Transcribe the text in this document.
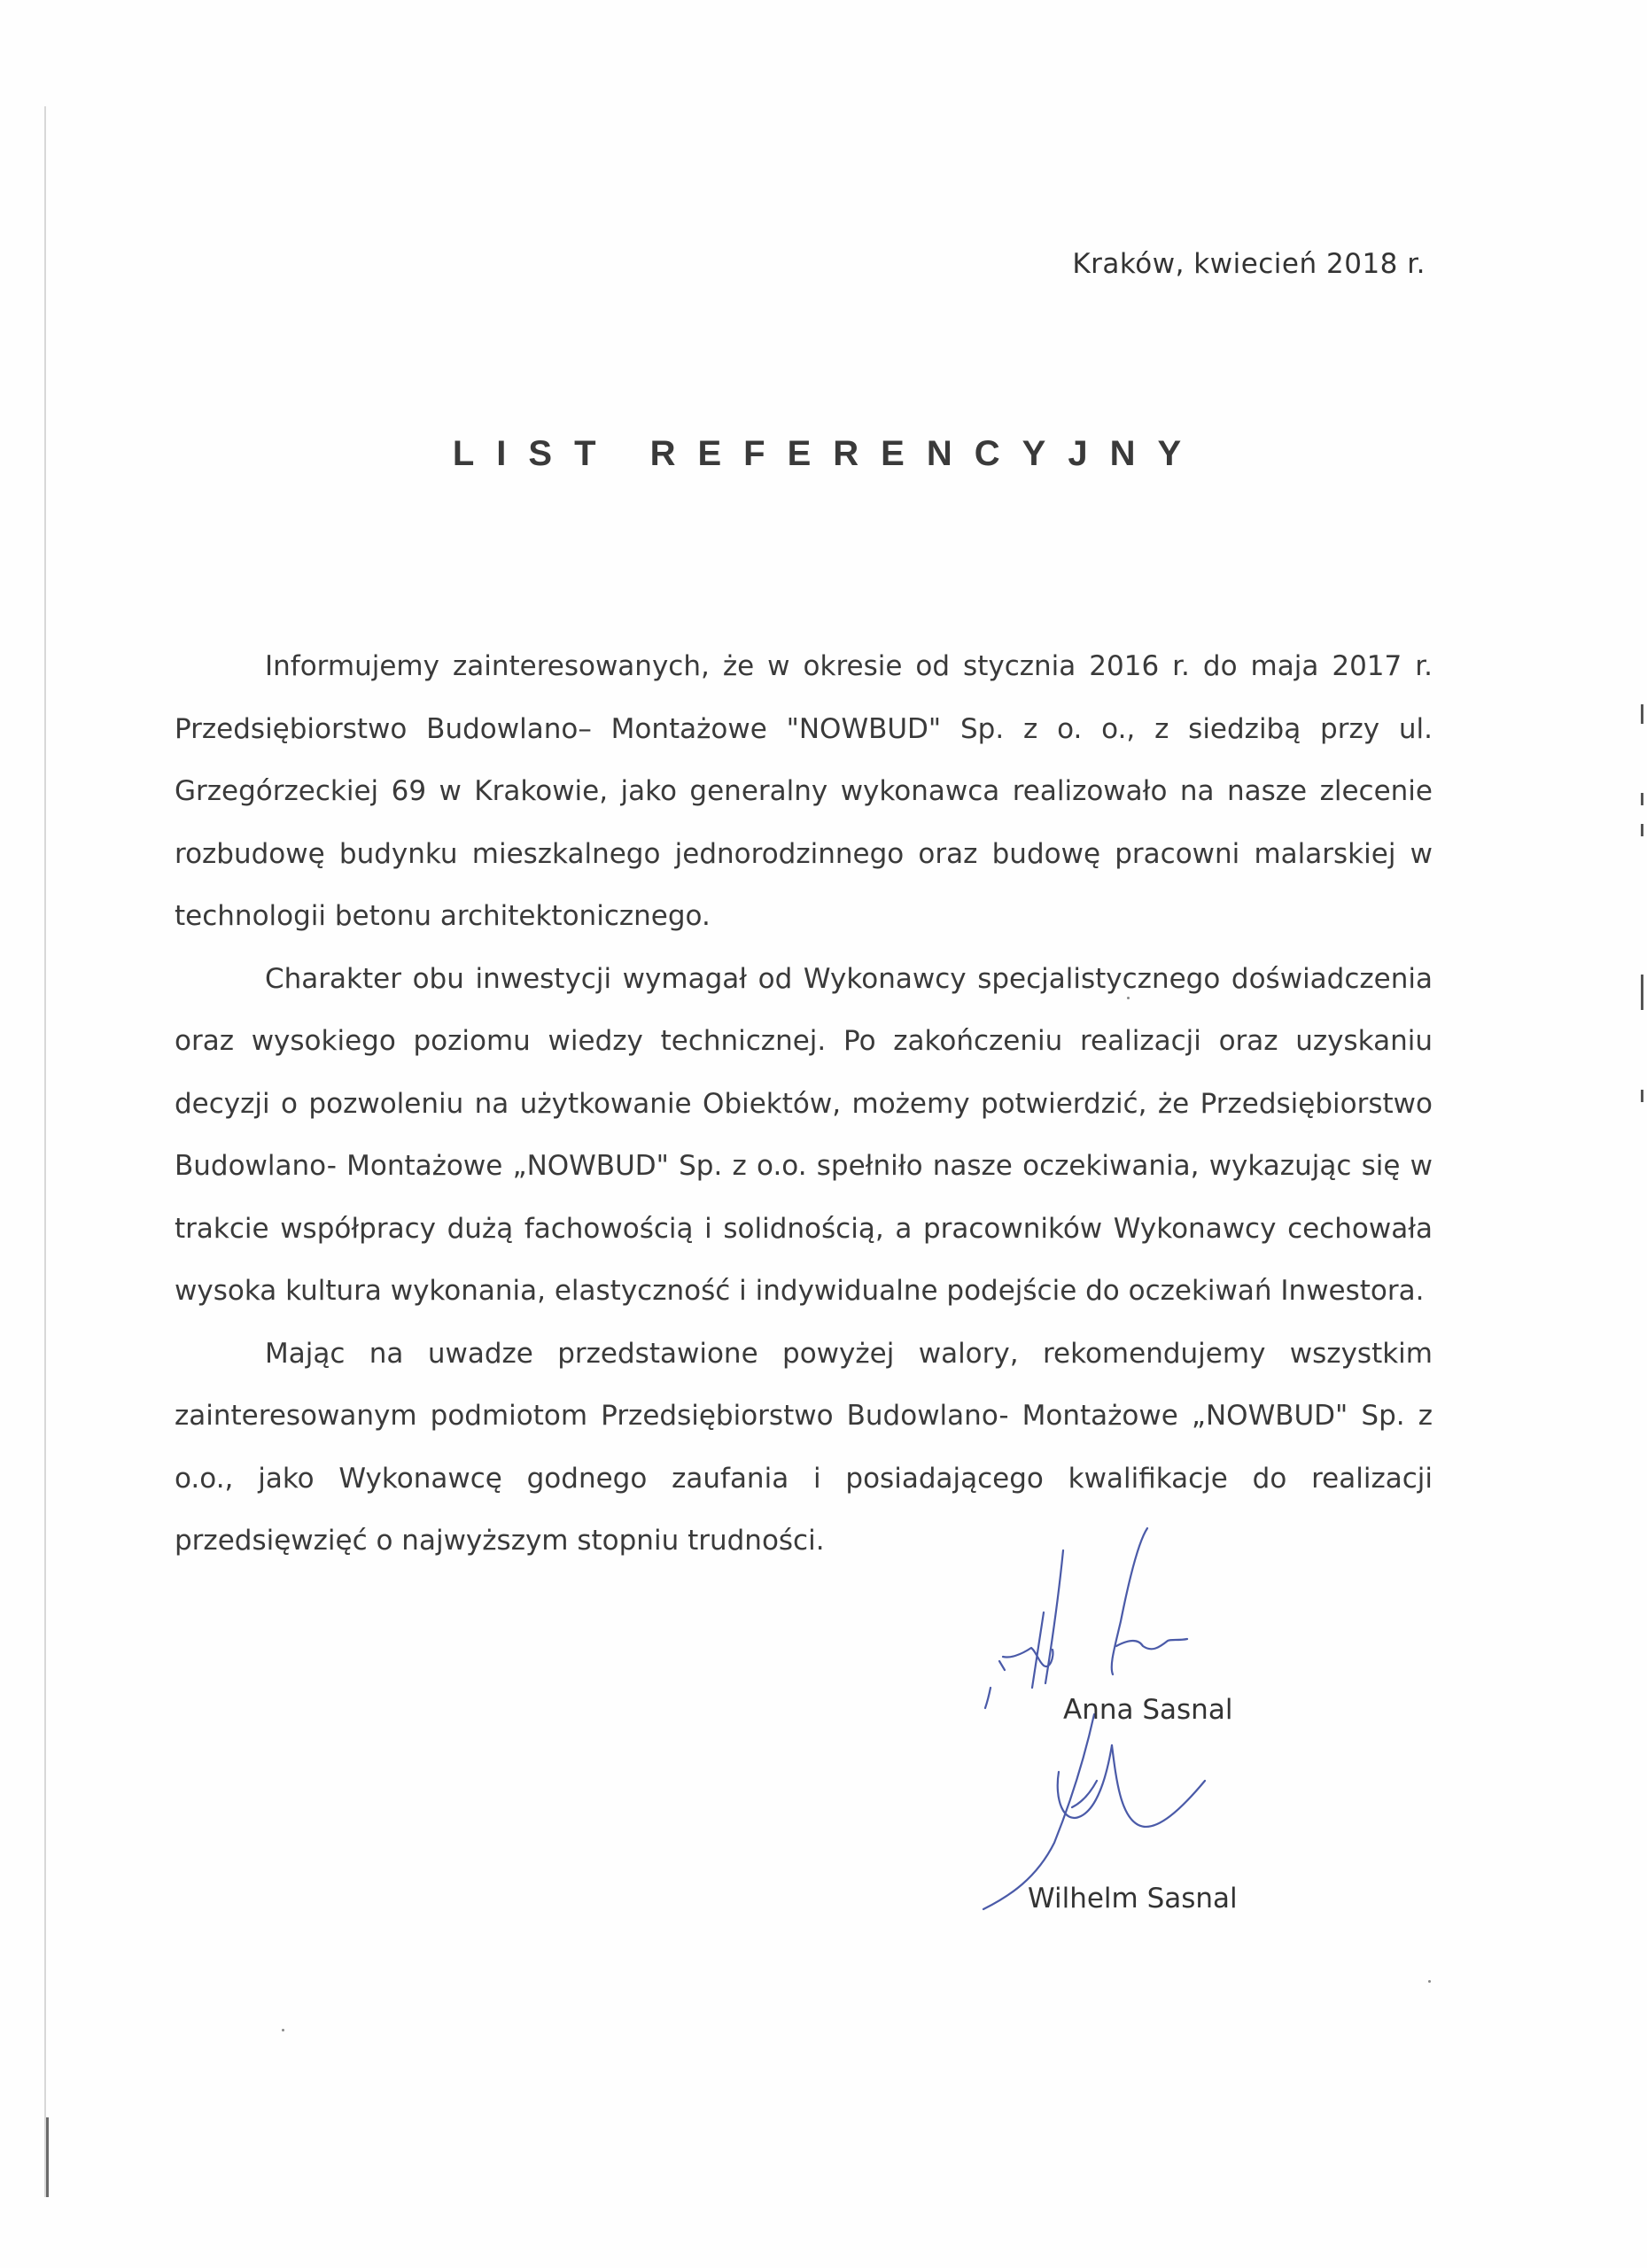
Kraków, kwiecień 2018 r.
LIST REFERENCYJNY

Informujemy zainteresowanych, że w okresie od stycznia 2016 r. do maja 2017 r. Przedsiębiorstwo Budowlano– Montażowe "NOWBUD" Sp. z o. o., z siedzibą przy ul. Grzegórzeckiej 69 w Krakowie, jako generalny wykonawca realizowało na nasze zlecenie rozbudowę budynku mieszkalnego jednorodzinnego oraz budowę pracowni malarskiej w technologii betonu architektonicznego.

Charakter obu inwestycji wymagał od Wykonawcy specjalistycznego doświadczenia oraz wysokiego poziomu wiedzy technicznej. Po zakończeniu realizacji oraz uzyskaniu decyzji o pozwoleniu na użytkowanie Obiektów, możemy potwierdzić, że Przedsiębiorstwo Budowlano- Montażowe „NOWBUD" Sp. z o.o. spełniło nasze oczekiwania, wykazując się w trakcie współpracy dużą fachowością i solidnością, a pracowników Wykonawcy cechowała wysoka kultura wykonania, elastyczność i indywidualne podejście do oczekiwań Inwestora.

Mając na uwadze przedstawione powyżej walory, rekomendujemy wszystkim zainteresowanym podmiotom Przedsiębiorstwo Budowlano- Montażowe „NOWBUD" Sp. z o.o., jako Wykonawcę godnego zaufania i posiadającego kwalifikacje do realizacji przedsięwzięć o najwyższym stopniu trudności.

Anna Sasnal
Wilhelm Sasnal
